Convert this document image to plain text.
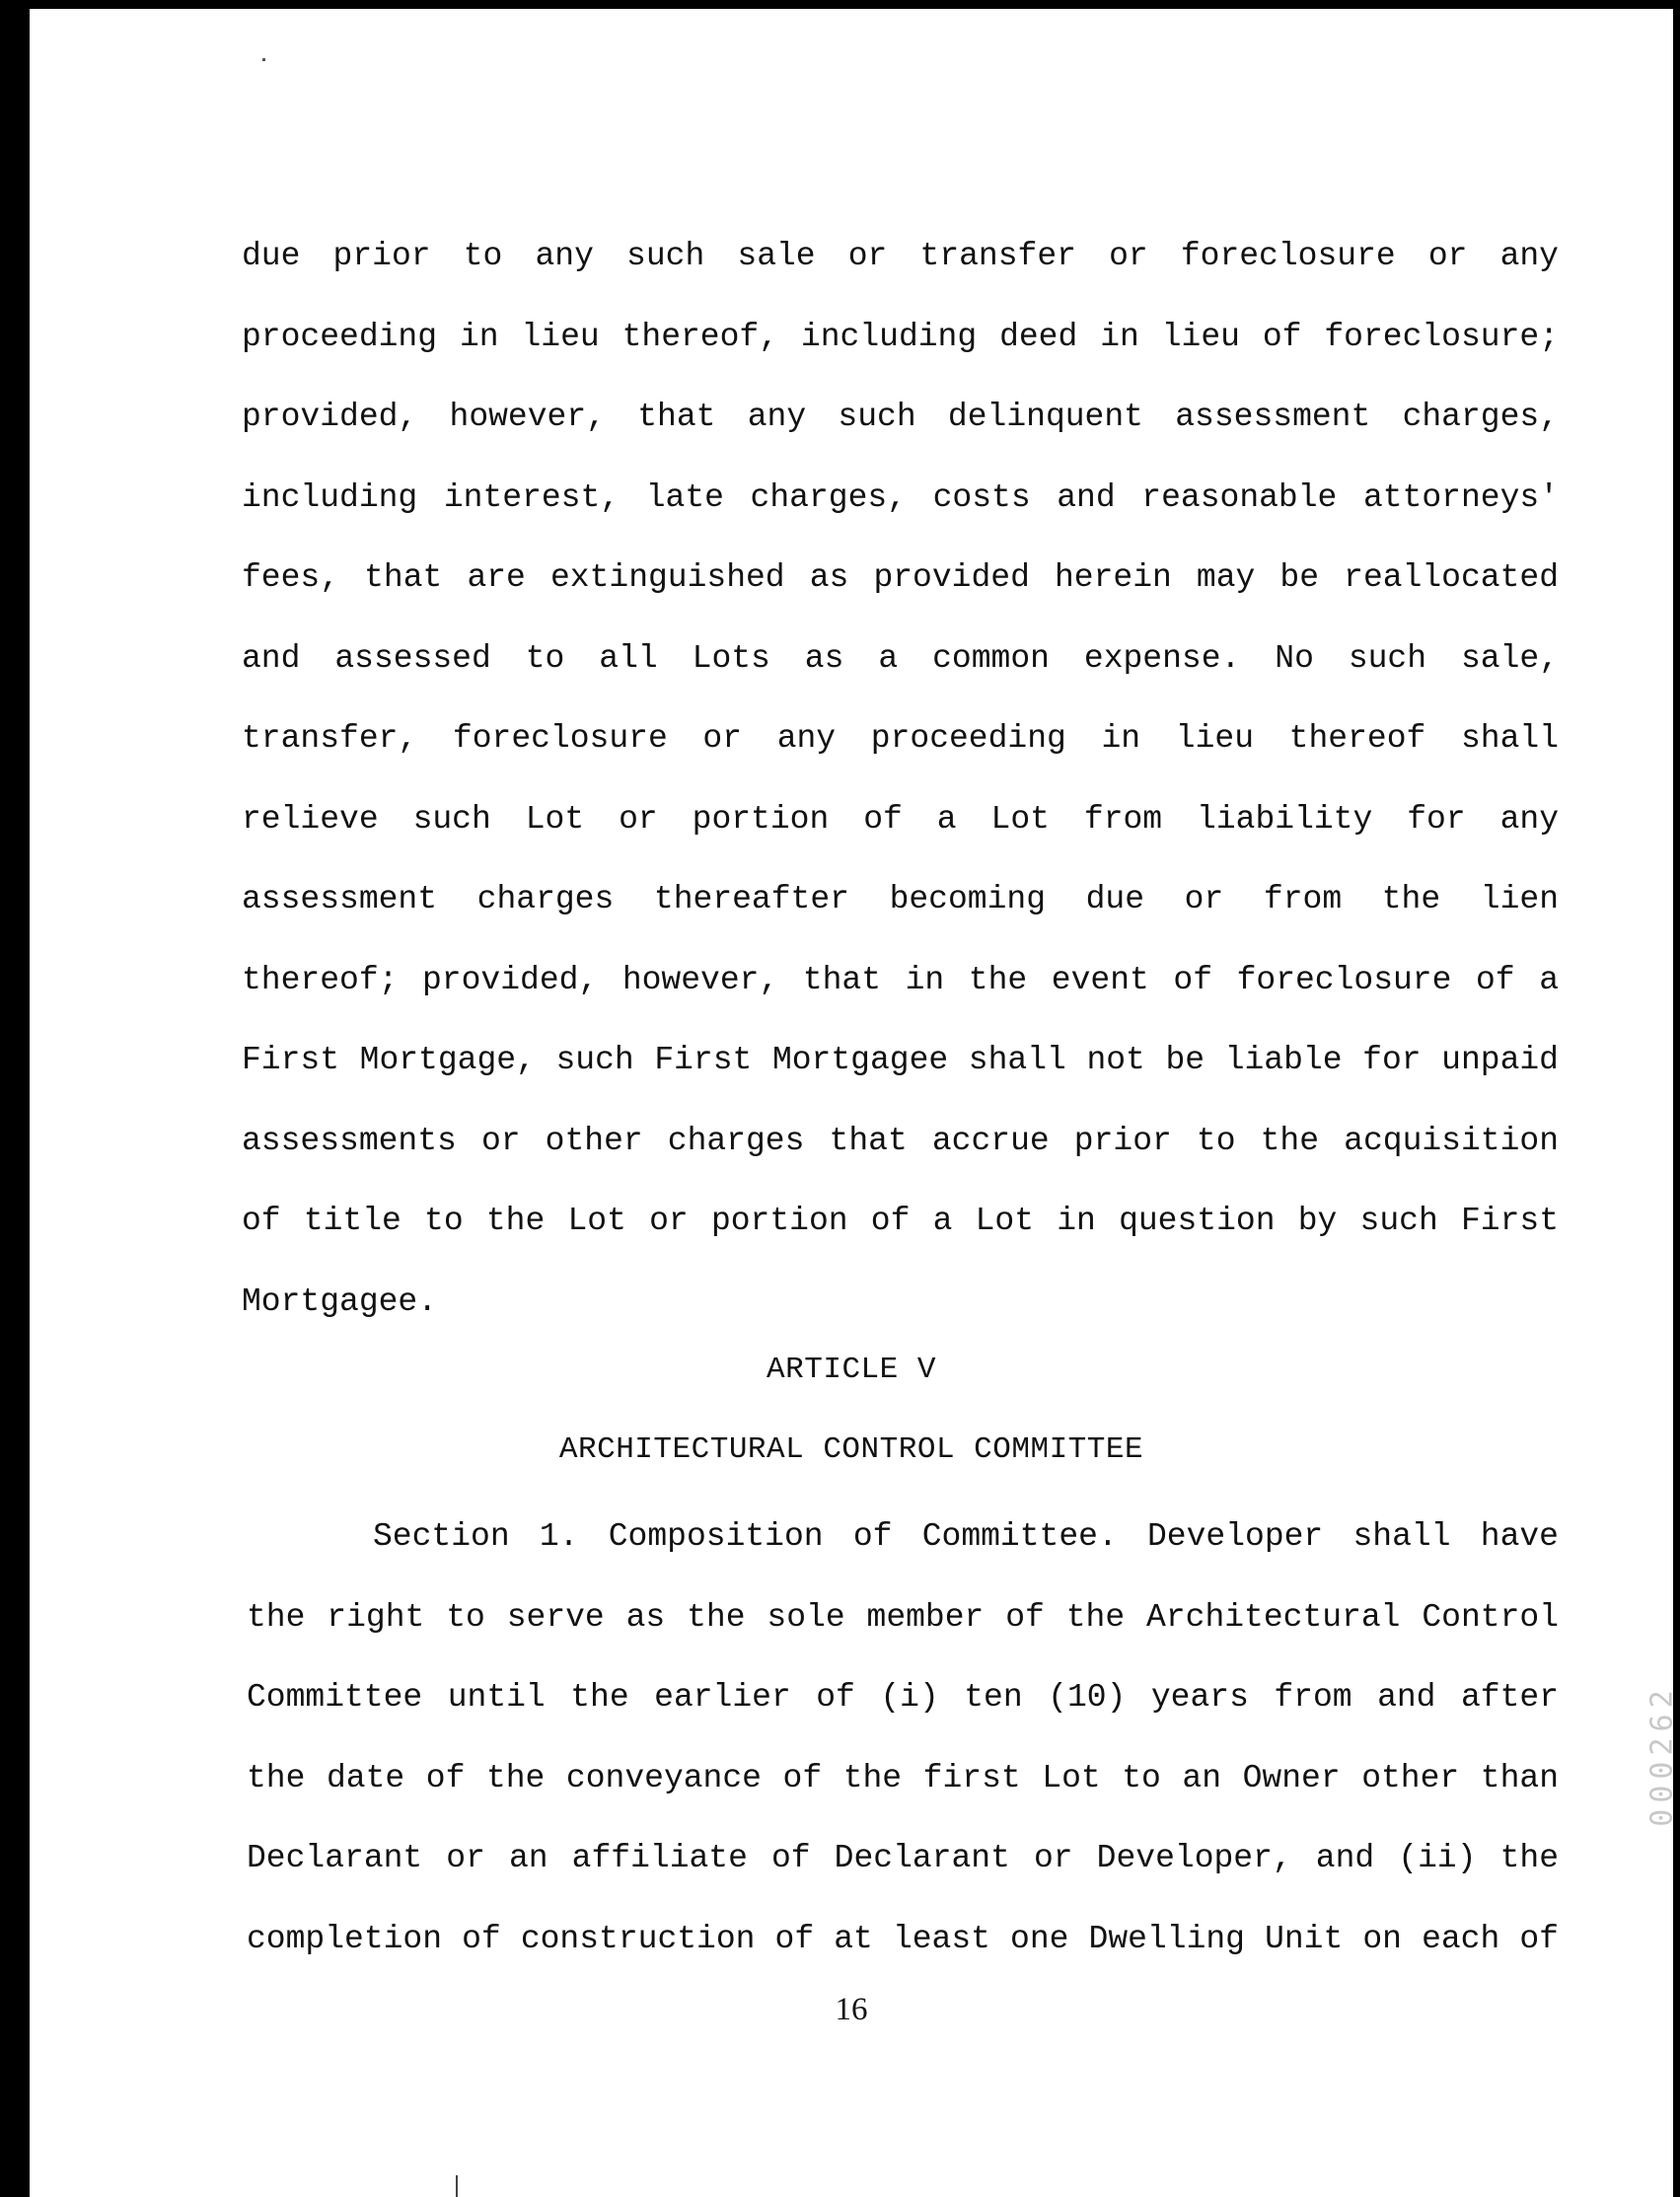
due prior to any such sale or transfer or foreclosure or any
proceeding in lieu thereof, including deed in lieu of foreclosure;
provided, however, that any such delinquent assessment charges,
including interest, late charges, costs and reasonable attorneys'
fees, that are extinguished as provided herein may be reallocated
and assessed to all Lots as a common expense. No such sale,
transfer, foreclosure or any proceeding in lieu thereof shall
relieve such Lot or portion of a Lot from liability for any
assessment charges thereafter becoming due or from the lien
thereof; provided, however, that in the event of foreclosure of a
First Mortgage, such First Mortgagee shall not be liable for unpaid
assessments or other charges that accrue prior to the acquisition
of title to the Lot or portion of a Lot in question by such First
Mortgagee.
ARTICLE V
ARCHITECTURAL CONTROL COMMITTEE
Section 1. Composition of Committee. Developer shall have
the right to serve as the sole member of the Architectural Control
Committee until the earlier of (i) ten (10) years from and after
the date of the conveyance of the first Lot to an Owner other than
Declarant or an affiliate of Declarant or Developer, and (ii) the
completion of construction of at least one Dwelling Unit on each of
16
000262
